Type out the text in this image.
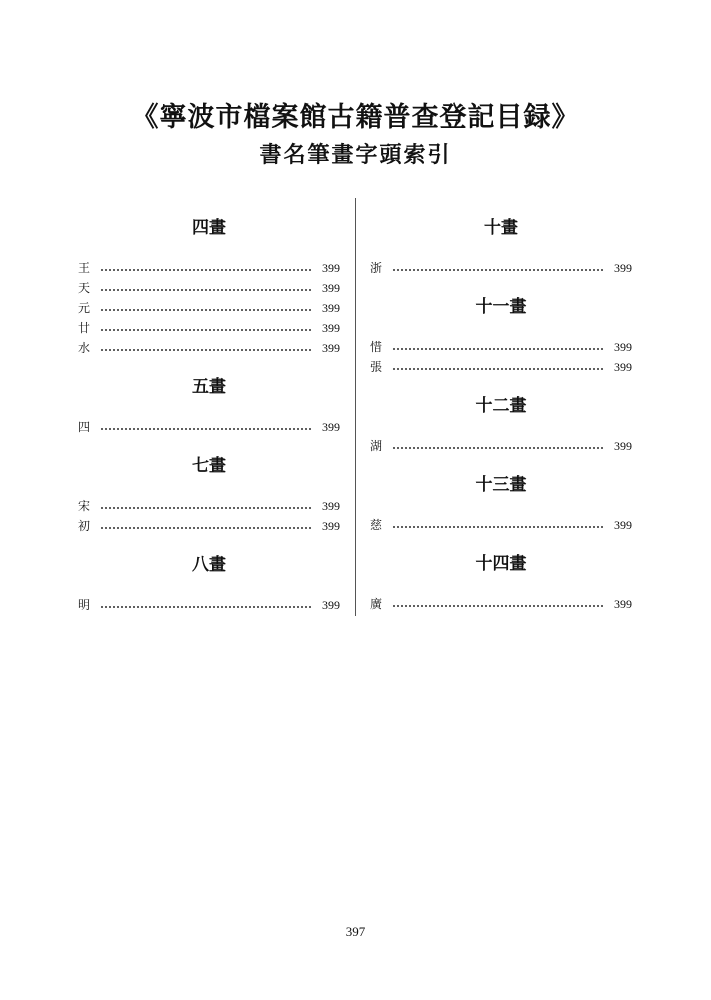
《寧波市檔案館古籍普查登記目録》
書名筆畫字頭索引
四畫
王	399
天	399
元	399
廿	399
水	399
五畫
四	399
七畫
宋	399
初	399
八畫
明	399
十畫
浙	399
十一畫
惜	399
張	399
十二畫
湖	399
十三畫
慈	399
十四畫
廣	399
397
